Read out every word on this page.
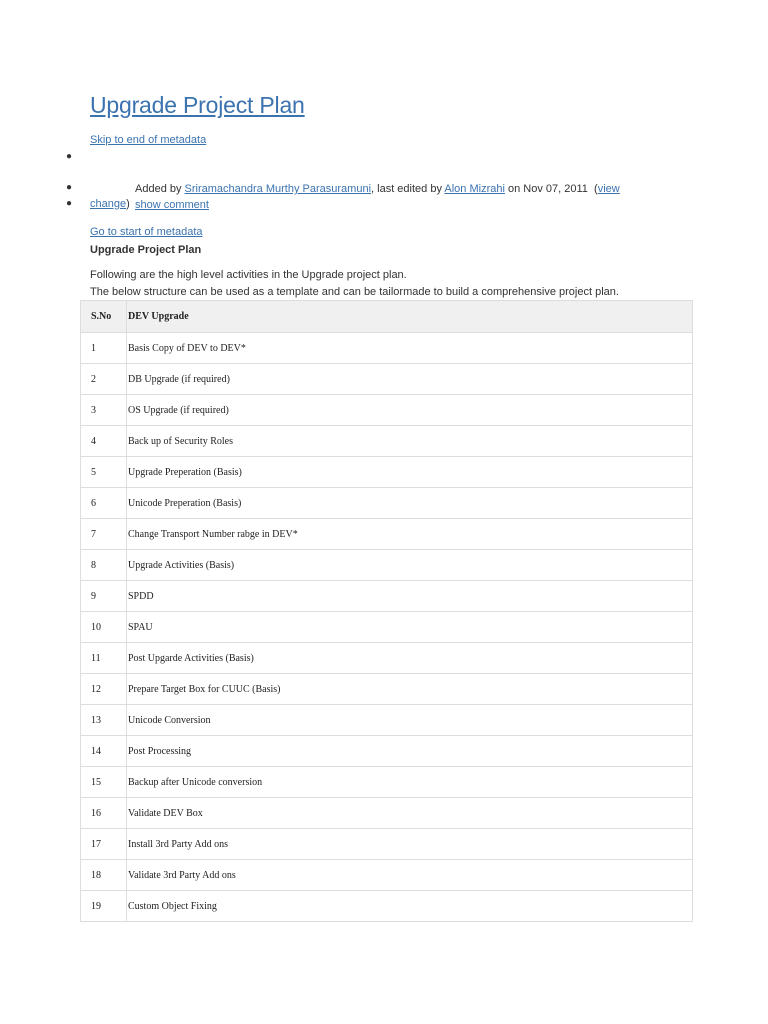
Upgrade Project Plan
Skip to end of metadata
●
●	Added by Sriramachandra Murthy Parasuramuni, last edited by Alon Mizrahi on Nov 07, 2011 (view
change)
●	show comment
Go to start of metadata
Upgrade Project Plan
Following are the high level activities in the Upgrade project plan.
The below structure can be used as a template and can be tailormade to build a comprehensive project plan.
S.No	DEV Upgrade
1	Basis Copy of DEV to DEV*
2	DB Upgrade (if required)
3	OS Upgrade (if required)
4	Back up of Security Roles
5	Upgrade Preperation (Basis)
6	Unicode Preperation (Basis)
7	Change Transport Number rabge in DEV*
8	Upgrade Activities (Basis)
9	SPDD
10	SPAU
11	Post Upgarde Activities (Basis)
12	Prepare Target Box for CUUC (Basis)
13	Unicode Conversion
14	Post Processing
15	Backup after Unicode conversion
16	Validate DEV Box
17	Install 3rd Party Add ons
18	Validate 3rd Party Add ons
19	Custom Object Fixing
